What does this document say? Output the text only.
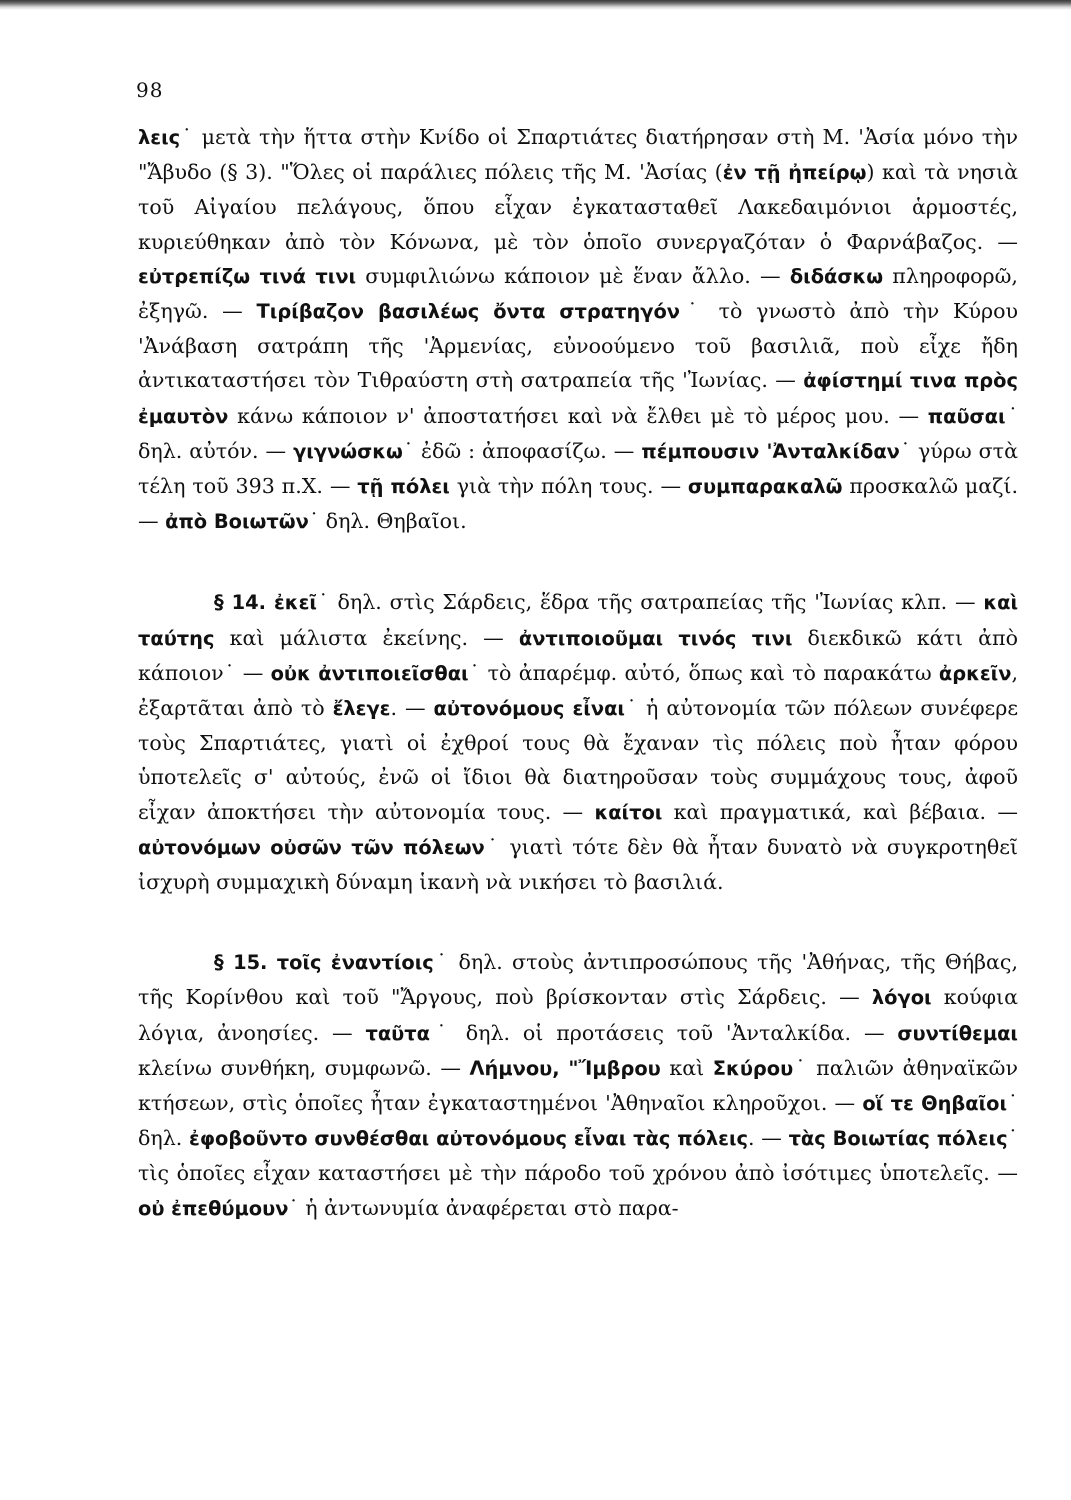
98

λεις˙ μετὰ τὴν ἥττα στὴν Κνίδο οἱ Σπαρτιάτες διατήρησαν στὴ Μ. 'Ἀσία μόνο τὴν "Ἄβυδο (§ 3). "Ὅλες οἱ παράλιες πόλεις τῆς Μ. 'Ἀσίας (ἐν τῇ ἠπείρῳ) καὶ τὰ νησιὰ τοῦ Αἰγαίου πελάγους, ὅπου εἶχαν ἐγκατασταθεῖ Λακεδαιμόνιοι ἁρμοστές, κυριεύθηκαν ἀπὸ τὸν Κόνωνα, μὲ τὸν ὁποῖο συνεργαζόταν ὁ Φαρνάβαζος. — εὐτρεπίζω τινά τινι συμφιλιώνω κάποιον μὲ ἕναν ἄλλο. — διδάσκω πληροφορῶ, ἐξηγῶ. — Τιρίβαζον βασιλέως ὄντα στρατηγόν˙ τὸ γνωστὸ ἀπὸ τὴν Κύρου 'Ἀνάβαση σατράπη τῆς 'Ἀρμενίας, εὐνοούμενο τοῦ βασιλιᾶ, ποὺ εἶχε ἤδη ἀντικαταστήσει τὸν Τιθραύστη στὴ σατραπεία τῆς 'Ἰωνίας. — ἀφίστημί τινα πρὸς ἐμαυτὸν κάνω κάποιον ν' ἀποστατήσει καὶ νὰ ἔλθει μὲ τὸ μέρος μου. — παῦσαι˙ δηλ. αὐτόν. — γιγνώσκω˙ ἐδῶ : ἀποφασίζω. — πέμπουσιν 'Ἀνταλκίδαν˙ γύρω στὰ τέλη τοῦ 393 π.Χ. — τῇ πόλει γιὰ τὴν πόλη τους. — συμπαρακαλῶ προσκαλῶ μαζί. — ἀπὸ Βοιωτῶν˙ δηλ. Θηβαῖοι.

§ 14. ἐκεῖ˙ δηλ. στὶς Σάρδεις, ἕδρα τῆς σατραπείας τῆς 'Ἰωνίας κλπ. — καὶ ταύτης καὶ μάλιστα ἐκείνης. — ἀντιποιοῦμαι τινός τινι διεκδικῶ κάτι ἀπὸ κάποιον˙ — οὐκ ἀντιποιεῖσθαι˙ τὸ ἀπαρέμφ. αὐτό, ὅπως καὶ τὸ παρακάτω ἀρκεῖν, ἐξαρτᾶται ἀπὸ τὸ ἔλεγε. — αὐτονόμους εἶναι˙ ἡ αὐτονομία τῶν πόλεων συνέφερε τοὺς Σπαρτιάτες, γιατὶ οἱ ἐχθροί τους θὰ ἔχαναν τὶς πόλεις ποὺ ἦταν φόρου ὑποτελεῖς σ' αὐτούς, ἐνῶ οἱ ἴδιοι θὰ διατηροῦσαν τοὺς συμμάχους τους, ἀφοῦ εἶχαν ἀποκτήσει τὴν αὐτονομία τους. — καίτοι καὶ πραγματικά, καὶ βέβαια. — αὐτονόμων οὐσῶν τῶν πόλεων˙ γιατὶ τότε δὲν θὰ ἦταν δυνατὸ νὰ συγκροτηθεῖ ἰσχυρὴ συμμαχικὴ δύναμη ἱκανὴ νὰ νικήσει τὸ βασιλιά.

§ 15. τοῖς ἐναντίοις˙ δηλ. στοὺς ἀντιπροσώπους τῆς 'Ἀθήνας, τῆς Θήβας, τῆς Κορίνθου καὶ τοῦ "Ἄργους, ποὺ βρίσκονταν στὶς Σάρδεις. — λόγοι κούφια λόγια, ἀνοησίες. — ταῦτα˙ δηλ. οἱ προτάσεις τοῦ 'Ἀνταλκίδα. — συντίθεμαι κλείνω συνθήκη, συμφωνῶ. — Λήμνου, "Ἴμβρου καὶ Σκύρου˙ παλιῶν ἀθηναϊκῶν κτήσεων, στὶς ὁποῖες ἦταν ἐγκαταστημένοι 'Ἀθηναῖοι κληροῦχοι. — οἵ τε Θηβαῖοι˙ δηλ. ἐφοβοῦντο συνθέσθαι αὐτονόμους εἶναι τὰς πόλεις. — τὰς Βοιωτίας πόλεις˙ τὶς ὁποῖες εἶχαν καταστήσει μὲ τὴν πάροδο τοῦ χρόνου ἀπὸ ἰσότιμες ὑποτελεῖς. — οὐ ἐπεθύμουν˙ ἡ ἀντωνυμία ἀναφέρεται στὸ παρα-
